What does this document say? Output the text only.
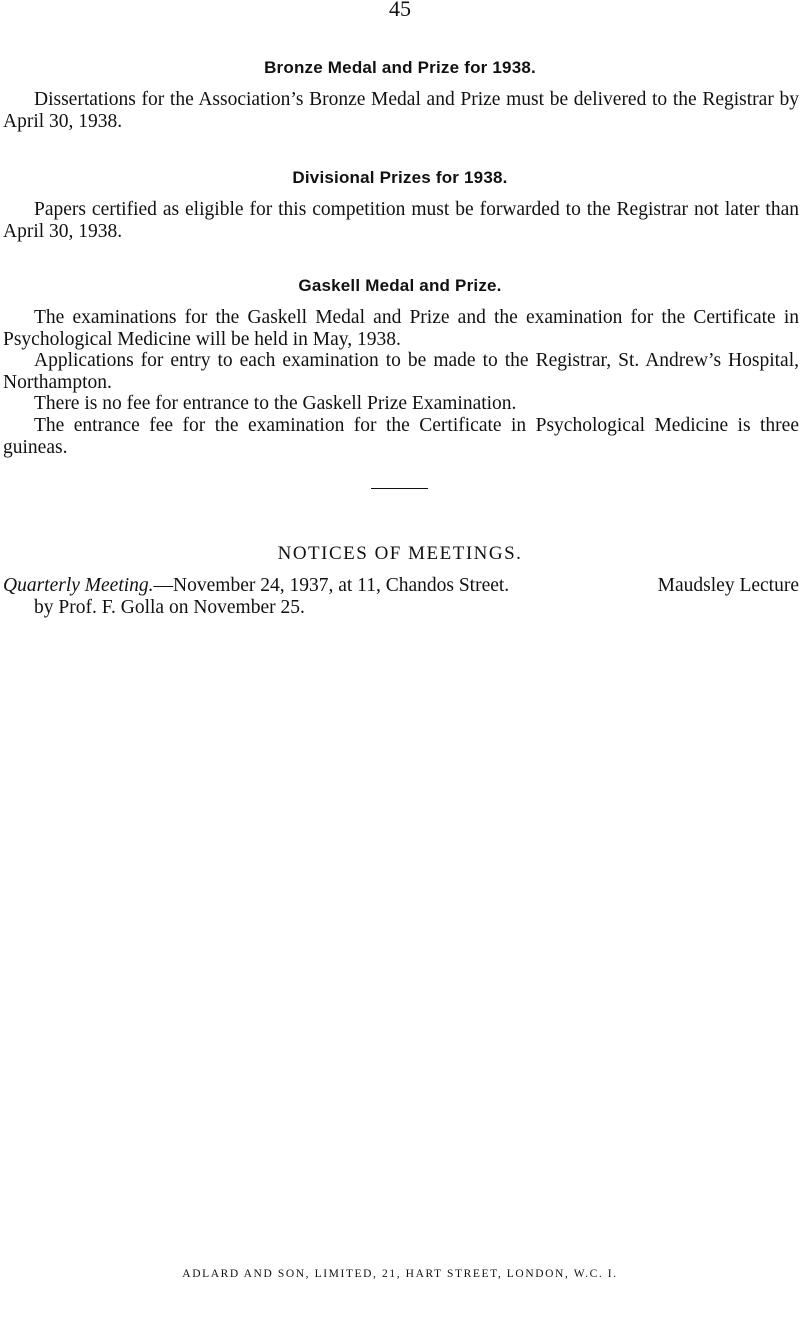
45
Bronze Medal and Prize for 1938.

Dissertations for the Association’s Bronze Medal and Prize must be delivered to the Registrar by April 30, 1938.

Divisional Prizes for 1938.

Papers certified as eligible for this competition must be forwarded to the Registrar not later than April 30, 1938.

Gaskell Medal and Prize.

The examinations for the Gaskell Medal and Prize and the examination for the Certificate in Psychological Medicine will be held in May, 1938.

Applications for entry to each examination to be made to the Registrar, St. Andrew’s Hospital, Northampton.

There is no fee for entrance to the Gaskell Prize Examination.

The entrance fee for the examination for the Certificate in Psychological Medicine is three guineas.

NOTICES OF MEETINGS.
Quarterly Meeting.—November 24, 1937, at 11, Chandos Street.	Maudsley Lecture
by Prof. F. Golla on November 25.
ADLARD AND SON, LIMITED, 21, HART STREET, LONDON, W.C. I.
